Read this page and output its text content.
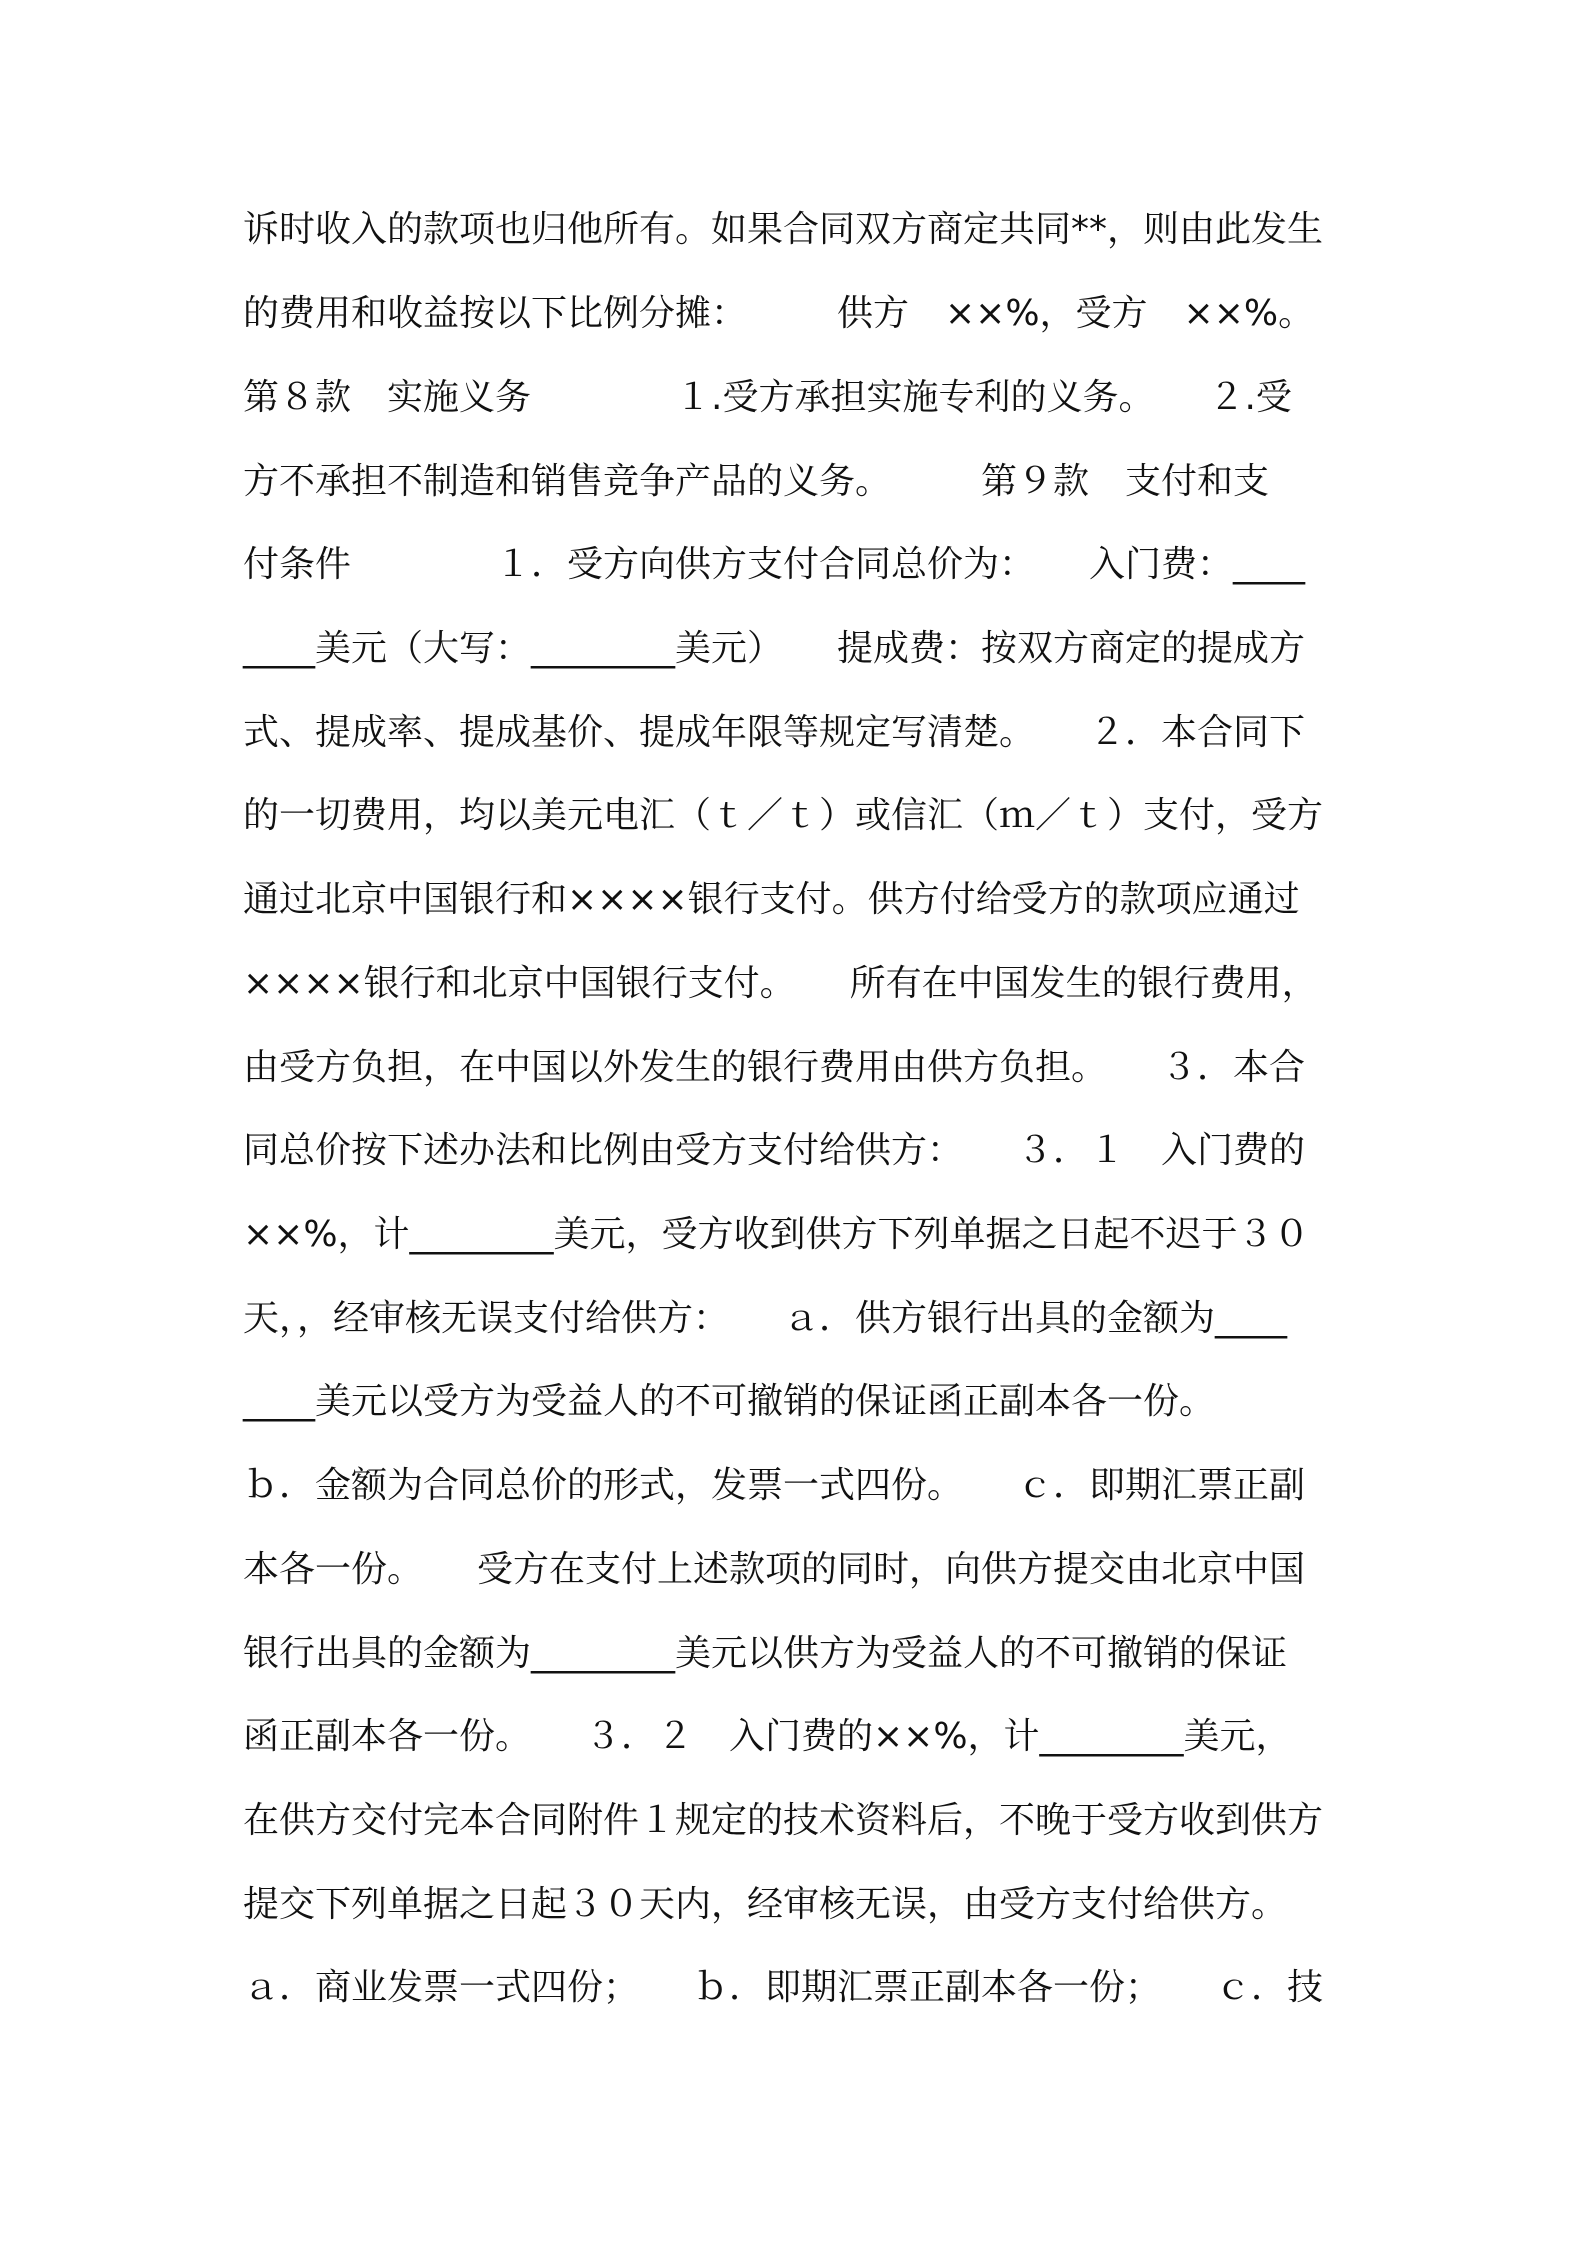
诉时收入的款项也归他所有。如果合同双方商定共同**，则由此发生
的费用和收益按以下比例分摊：　　　供方　××%，受方　××%。
第８款　实施义务　　　　１.受方承担实施专利的义务。　　２.受
方不承担不制造和销售竞争产品的义务。　　　第９款　支付和支
付条件　　　　１．受方向供方支付合同总价为：　　入门费：____
____美元（大写：________美元）　　提成费：按双方商定的提成方
式、提成率、提成基价、提成年限等规定写清楚。　　２．本合同下
的一切费用，均以美元电汇（ｔ／ｔ）或信汇（ｍ／ｔ）支付，受方
通过北京中国银行和××××银行支付。供方付给受方的款项应通过
××××银行和北京中国银行支付。　　所有在中国发生的银行费用，
由受方负担，在中国以外发生的银行费用由供方负担。　　３．本合
同总价按下述办法和比例由受方支付给供方：　　３．１　入门费的
××%，计________美元，受方收到供方下列单据之日起不迟于３０
天，，经审核无误支付给供方：　　ａ．供方银行出具的金额为____
____美元以受方为受益人的不可撤销的保证函正副本各一份。
ｂ．金额为合同总价的形式，发票一式四份。　　ｃ．即期汇票正副
本各一份。　　受方在支付上述款项的同时，向供方提交由北京中国
银行出具的金额为________美元以供方为受益人的不可撤销的保证
函正副本各一份。　　３．２　入门费的××%，计________美元，
在供方交付完本合同附件１规定的技术资料后，不晚于受方收到供方
提交下列单据之日起３０天内，经审核无误，由受方支付给供方。
ａ．商业发票一式四份；　　ｂ．即期汇票正副本各一份；　　ｃ．技
